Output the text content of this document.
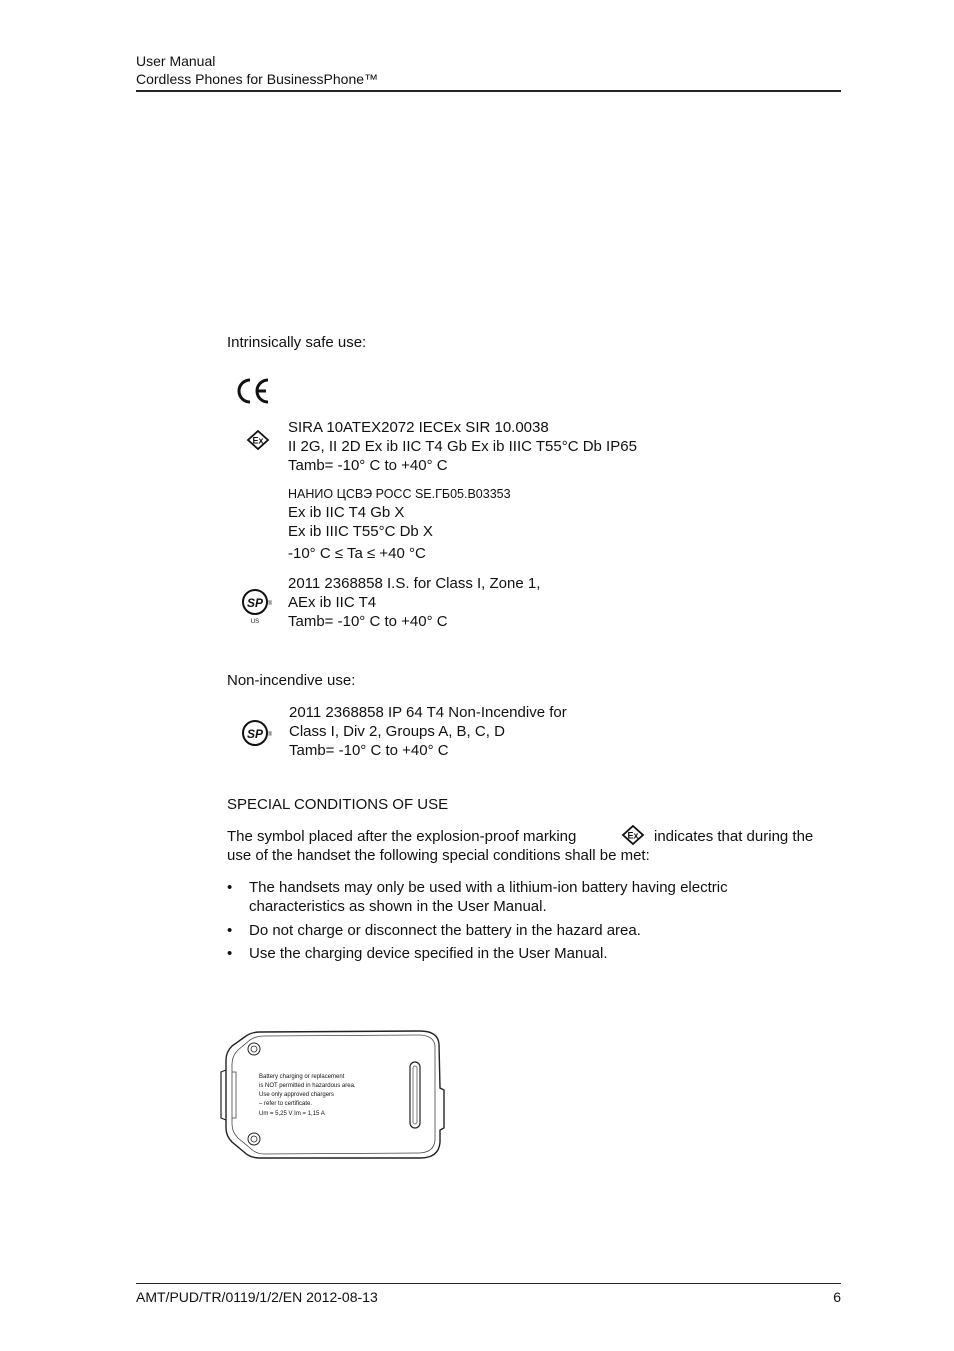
User Manual
Cordless Phones for BusinessPhone™
Intrinsically safe use:
Ex
SIRA 10ATEX2072 IECEx SIR 10.0038
II 2G, II 2D Ex ib IIC T4 Gb Ex ib IIIC T55°C Db IP65
Tamb= -10° C to +40° C
НАНИО ЦСВЭ РОСС SE.ГБ05.В03353
Ex ib IIC T4 Gb X
Ex ib IIIC T55°C Db X
-10° C ≤ Ta ≤ +40 °C
SP ®
US
2011 2368858 I.S. for Class I, Zone 1,
AEx ib IIC T4
Tamb= -10° C to +40° C
Non-incendive use:
SP ®
2011 2368858 IP 64 T4 Non-Incendive for
Class I, Div 2, Groups A, B, C, D
Tamb= -10° C to +40° C
SPECIAL CONDITIONS OF USE
The symbol placed after the explosion-proof marking	Ex indicates that during the
use of the handset the following special conditions shall be met:
• The handsets may only be used with a lithium-ion battery having electric
characteristics as shown in the User Manual.
• Do not charge or disconnect the battery in the hazard area.
• Use the charging device specified in the User Manual.
Battery charging or replacement
is NOT permitted in hazardous area.
Use only approved chargers
– refer to certificate.
Um = 5,25 V Im = 1,15 A
AMT/PUD/TR/0119/1/2/EN 2012-08-13	6
